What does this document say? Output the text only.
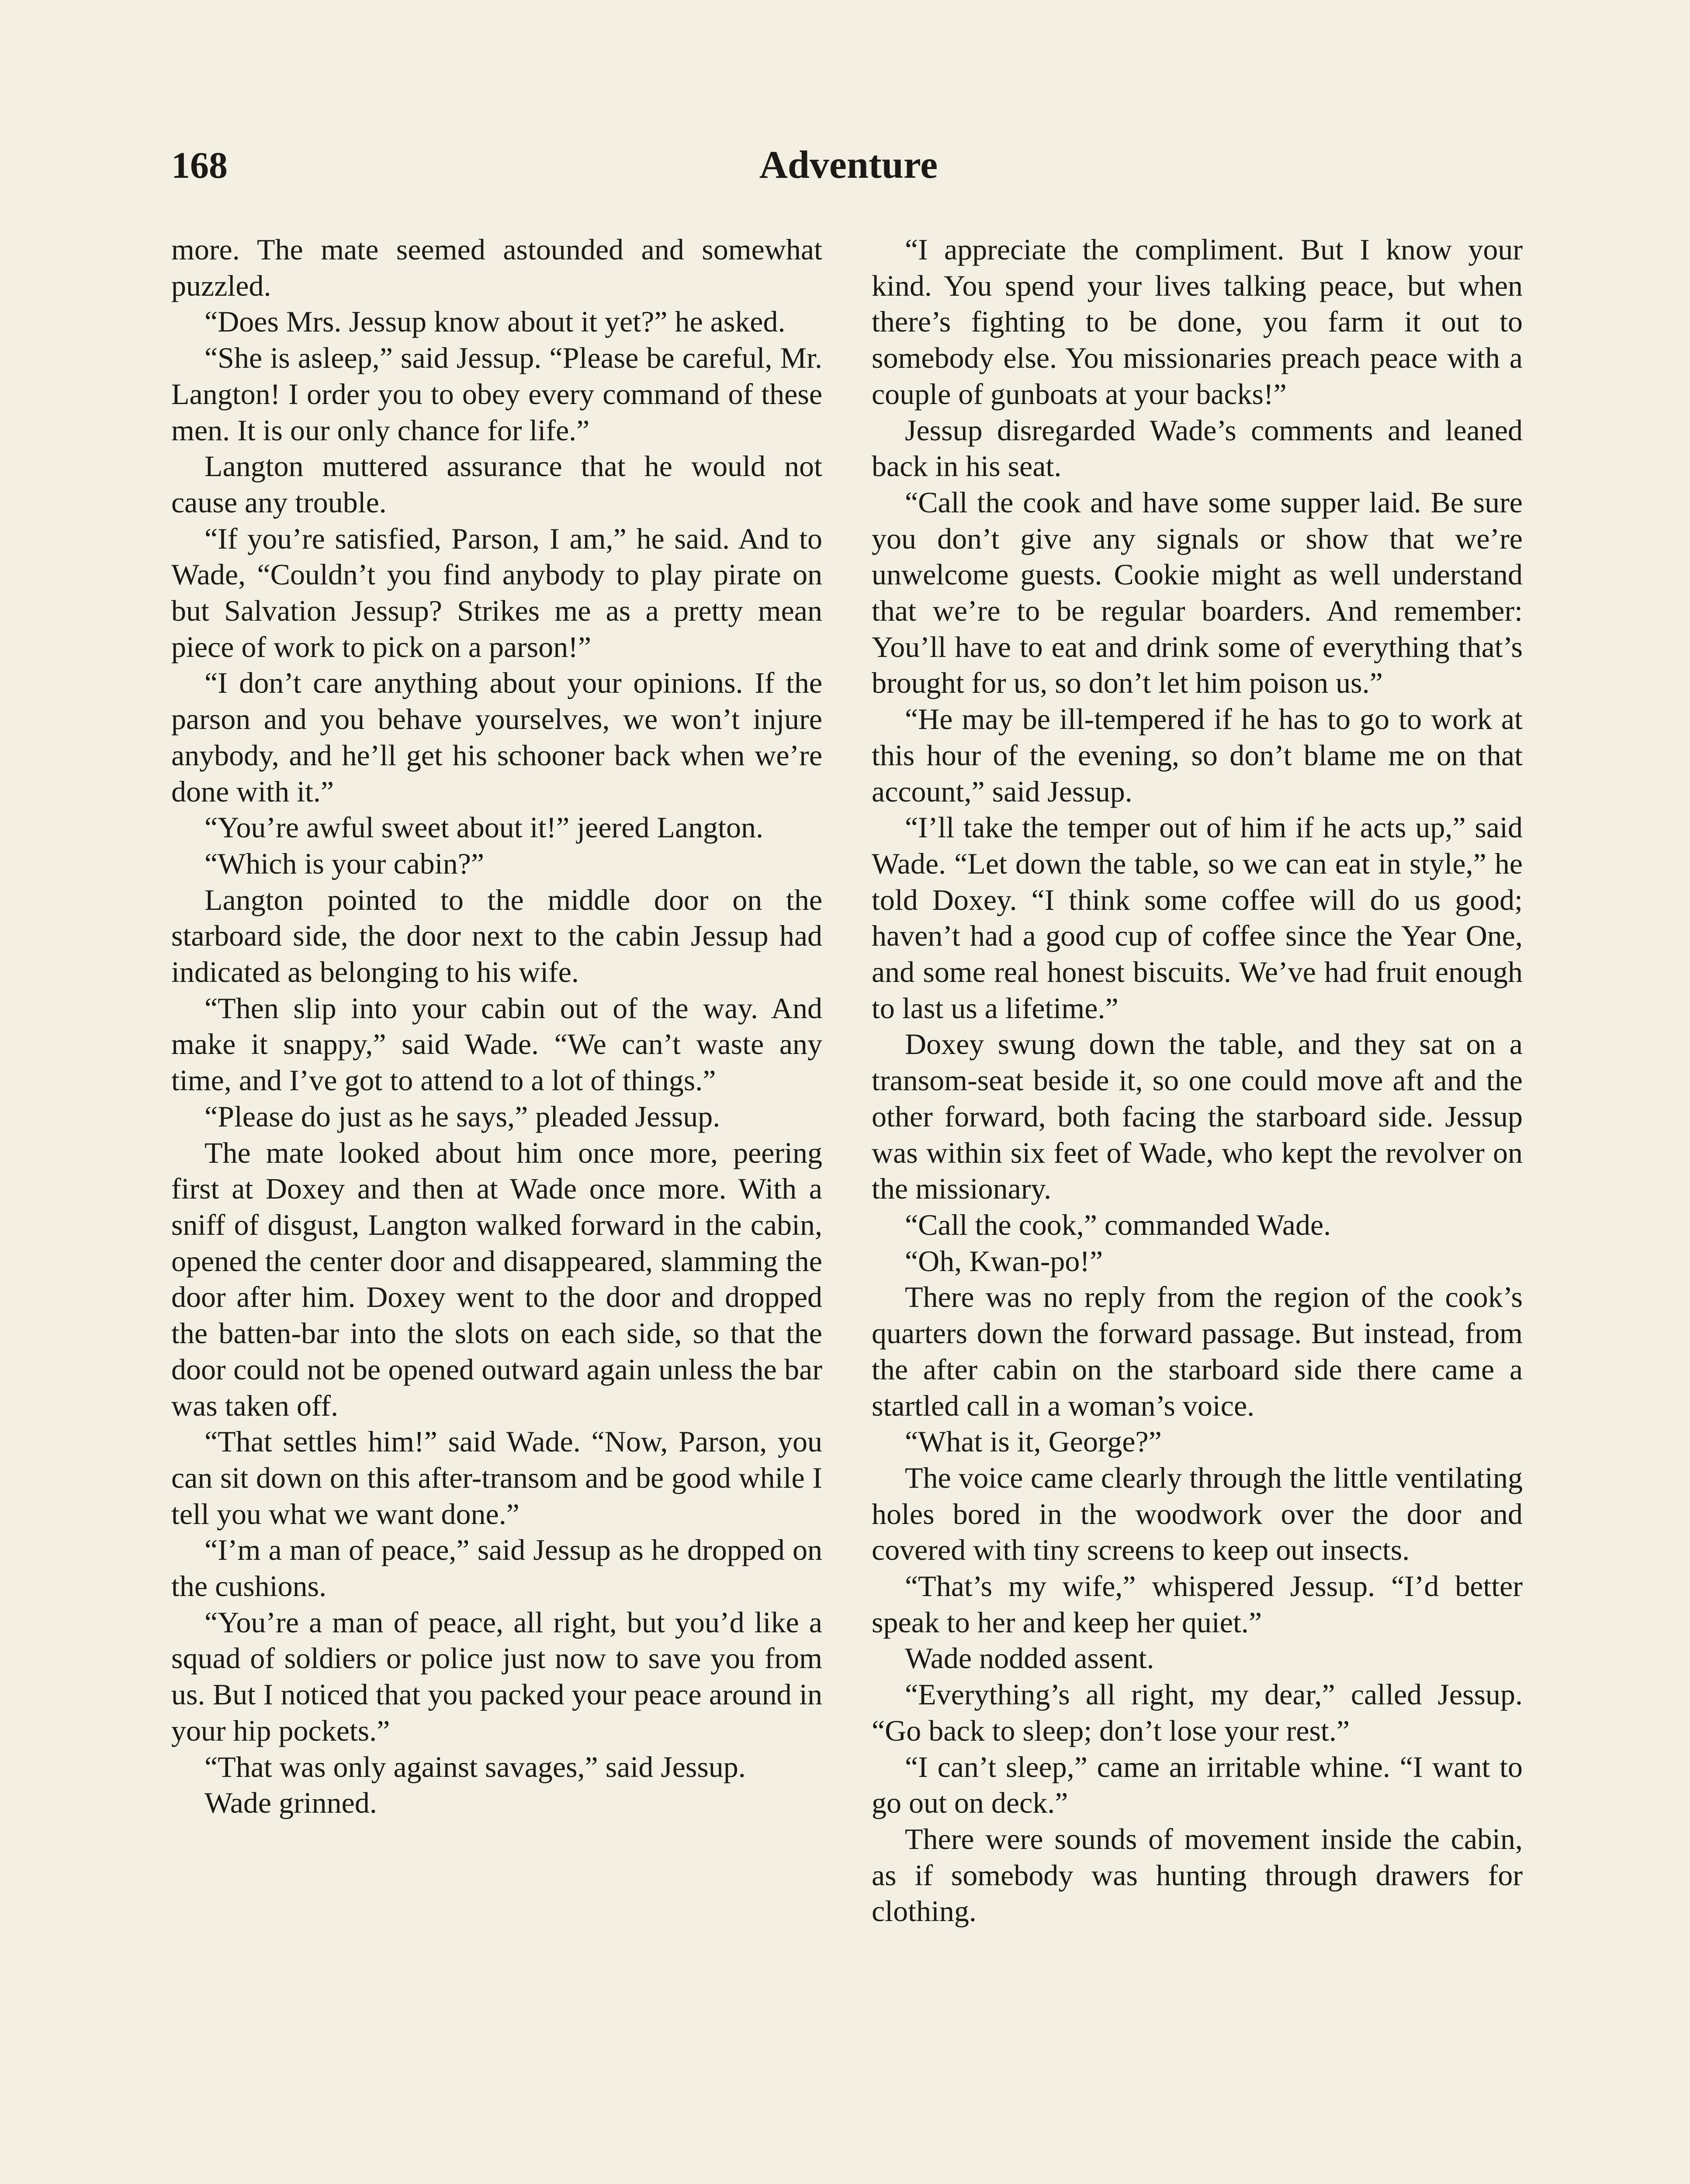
168	Adventure

more. The mate seemed astounded and somewhat puzzled.

“Does Mrs. Jessup know about it yet?” he asked.

“She is asleep,” said Jessup. “Please be careful, Mr. Langton! I order you to obey every command of these men. It is our only chance for life.”

Langton muttered assurance that he would not cause any trouble.

“If you’re satisfied, Parson, I am,” he said. And to Wade, “Couldn’t you find anybody to play pirate on but Salvation Jessup? Strikes me as a pretty mean piece of work to pick on a parson!”

“I don’t care anything about your opinions. If the parson and you behave yourselves, we won’t injure anybody, and he’ll get his schooner back when we’re done with it.”

“You’re awful sweet about it!” jeered Langton.

“Which is your cabin?”

Langton pointed to the middle door on the starboard side, the door next to the cabin Jessup had indicated as belonging to his wife.

“Then slip into your cabin out of the way. And make it snappy,” said Wade. “We can’t waste any time, and I’ve got to attend to a lot of things.”

“Please do just as he says,” pleaded Jessup.

The mate looked about him once more, peering first at Doxey and then at Wade once more. With a sniff of disgust, Langton walked forward in the cabin, opened the center door and disappeared, slamming the door after him. Doxey went to the door and dropped the batten-bar into the slots on each side, so that the door could not be opened outward again unless the bar was taken off.

“That settles him!” said Wade. “Now, Parson, you can sit down on this after-transom and be good while I tell you what we want done.”

“I’m a man of peace,” said Jessup as he dropped on the cushions.

“You’re a man of peace, all right, but you’d like a squad of soldiers or police just now to save you from us. But I noticed that you packed your peace around in your hip pockets.”

“That was only against savages,” said Jessup.

Wade grinned.

“I appreciate the compliment. But I know your kind. You spend your lives talking peace, but when there’s fighting to be done, you farm it out to somebody else. You missionaries preach peace with a couple of gunboats at your backs!”

Jessup disregarded Wade’s comments and leaned back in his seat.

“Call the cook and have some supper laid. Be sure you don’t give any signals or show that we’re unwelcome guests. Cookie might as well understand that we’re to be regular boarders. And remember: You’ll have to eat and drink some of everything that’s brought for us, so don’t let him poison us.”

“He may be ill-tempered if he has to go to work at this hour of the evening, so don’t blame me on that account,” said Jessup.

“I’ll take the temper out of him if he acts up,” said Wade. “Let down the table, so we can eat in style,” he told Doxey. “I think some coffee will do us good; haven’t had a good cup of coffee since the Year One, and some real honest biscuits. We’ve had fruit enough to last us a lifetime.”

Doxey swung down the table, and they sat on a transom-seat beside it, so one could move aft and the other forward, both facing the starboard side. Jessup was within six feet of Wade, who kept the revolver on the missionary.

“Call the cook,” commanded Wade.

“Oh, Kwan-po!”

There was no reply from the region of the cook’s quarters down the forward passage. But instead, from the after cabin on the starboard side there came a startled call in a woman’s voice.

“What is it, George?”

The voice came clearly through the little ventilating holes bored in the woodwork over the door and covered with tiny screens to keep out insects.

“That’s my wife,” whispered Jessup. “I’d better speak to her and keep her quiet.”

Wade nodded assent.

“Everything’s all right, my dear,” called Jessup. “Go back to sleep; don’t lose your rest.”

“I can’t sleep,” came an irritable whine. “I want to go out on deck.”

There were sounds of movement inside the cabin, as if somebody was hunting through drawers for clothing.
